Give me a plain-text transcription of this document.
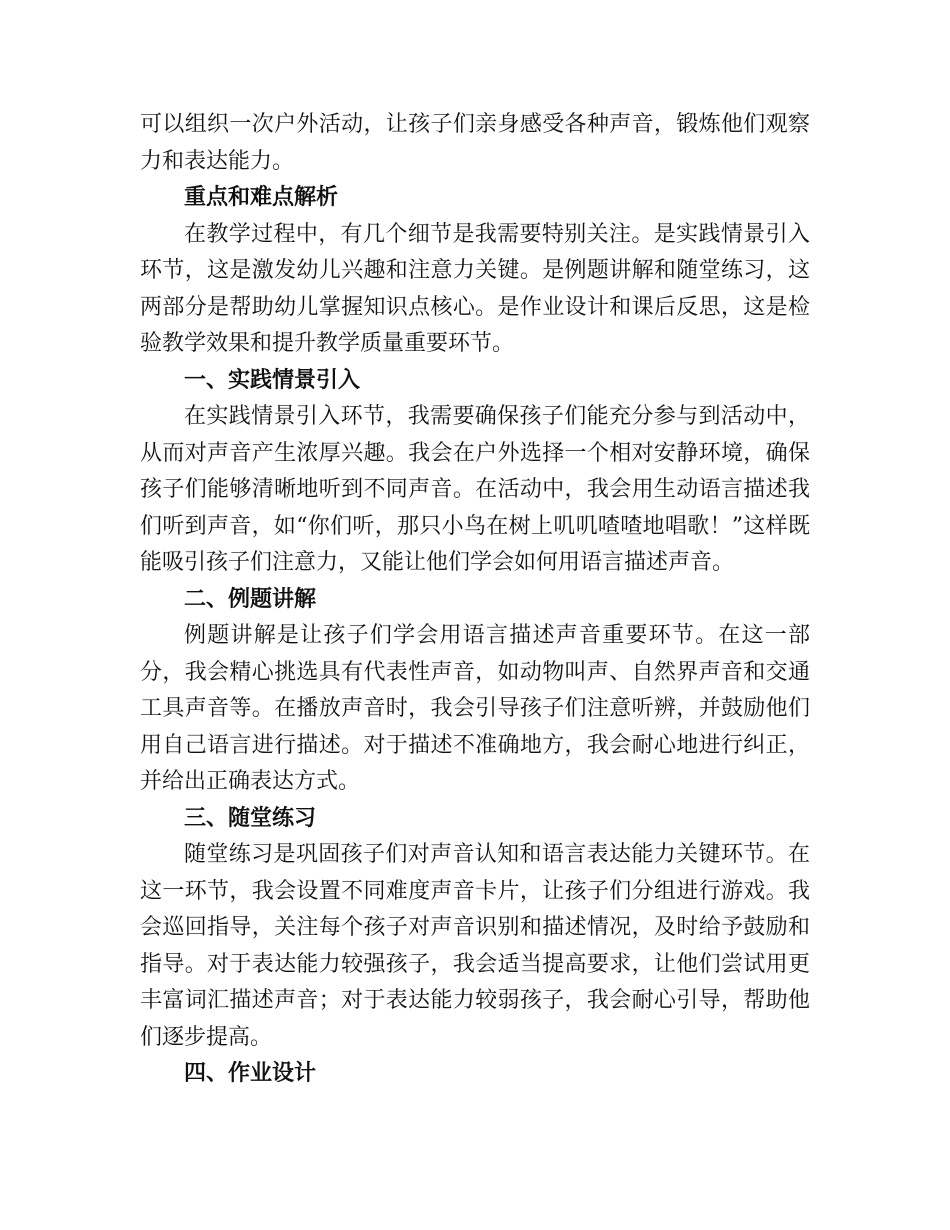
可以组织一次户外活动，让孩子们亲身感受各种声音，锻炼他们观察力和表达能力。

重点和难点解析

在教学过程中，有几个细节是我需要特别关注。是实践情景引入环节，这是激发幼儿兴趣和注意力关键。是例题讲解和随堂练习，这两部分是帮助幼儿掌握知识点核心。是作业设计和课后反思，这是检验教学效果和提升教学质量重要环节。

一、实践情景引入

在实践情景引入环节，我需要确保孩子们能充分参与到活动中，从而对声音产生浓厚兴趣。我会在户外选择一个相对安静环境，确保孩子们能够清晰地听到不同声音。在活动中，我会用生动语言描述我们听到声音，如“你们听，那只小鸟在树上叽叽喳喳地唱歌！”这样既能吸引孩子们注意力，又能让他们学会如何用语言描述声音。

二、例题讲解

例题讲解是让孩子们学会用语言描述声音重要环节。在这一部分，我会精心挑选具有代表性声音，如动物叫声、自然界声音和交通工具声音等。在播放声音时，我会引导孩子们注意听辨，并鼓励他们用自己语言进行描述。对于描述不准确地方，我会耐心地进行纠正，并给出正确表达方式。

三、随堂练习

随堂练习是巩固孩子们对声音认知和语言表达能力关键环节。在这一环节，我会设置不同难度声音卡片，让孩子们分组进行游戏。我会巡回指导，关注每个孩子对声音识别和描述情况，及时给予鼓励和指导。对于表达能力较强孩子，我会适当提高要求，让他们尝试用更丰富词汇描述声音；对于表达能力较弱孩子，我会耐心引导，帮助他们逐步提高。

四、作业设计
